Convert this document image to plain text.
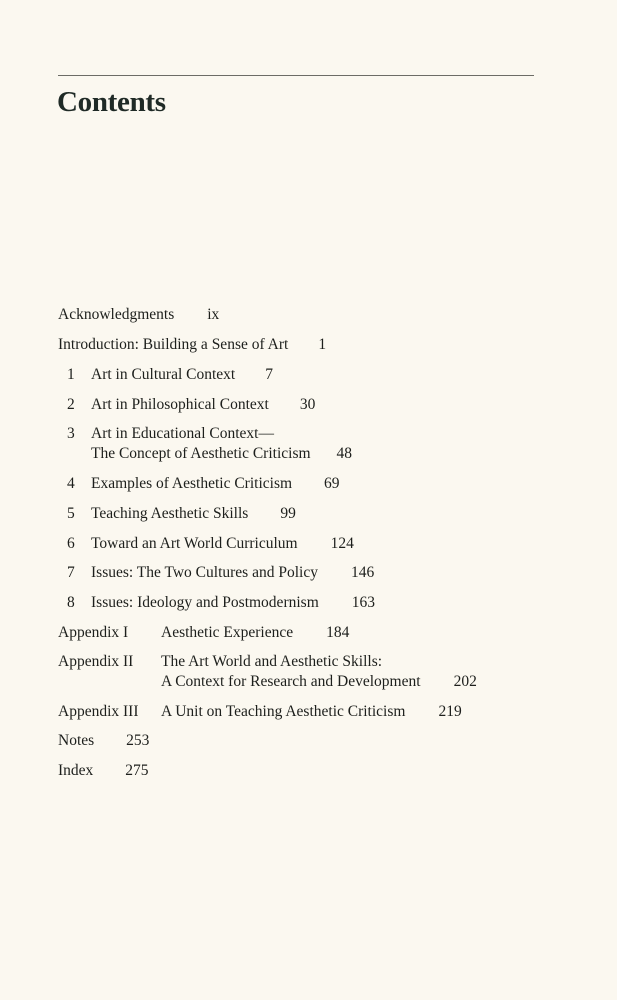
Contents
Acknowledgments ix
Introduction: Building a Sense of Art 1
1 Art in Cultural Context 7
2 Art in Philosophical Context 30
3 Art in Educational Context—
The Concept of Aesthetic Criticism 48
4 Examples of Aesthetic Criticism 69
5 Teaching Aesthetic Skills 99
6 Toward an Art World Curriculum 124
7 Issues: The Two Cultures and Policy 146
8 Issues: Ideology and Postmodernism 163
Appendix I Aesthetic Experience 184
Appendix II The Art World and Aesthetic Skills:
A Context for Research and Development 202
Appendix III A Unit on Teaching Aesthetic Criticism 219
Notes 253
Index 275
